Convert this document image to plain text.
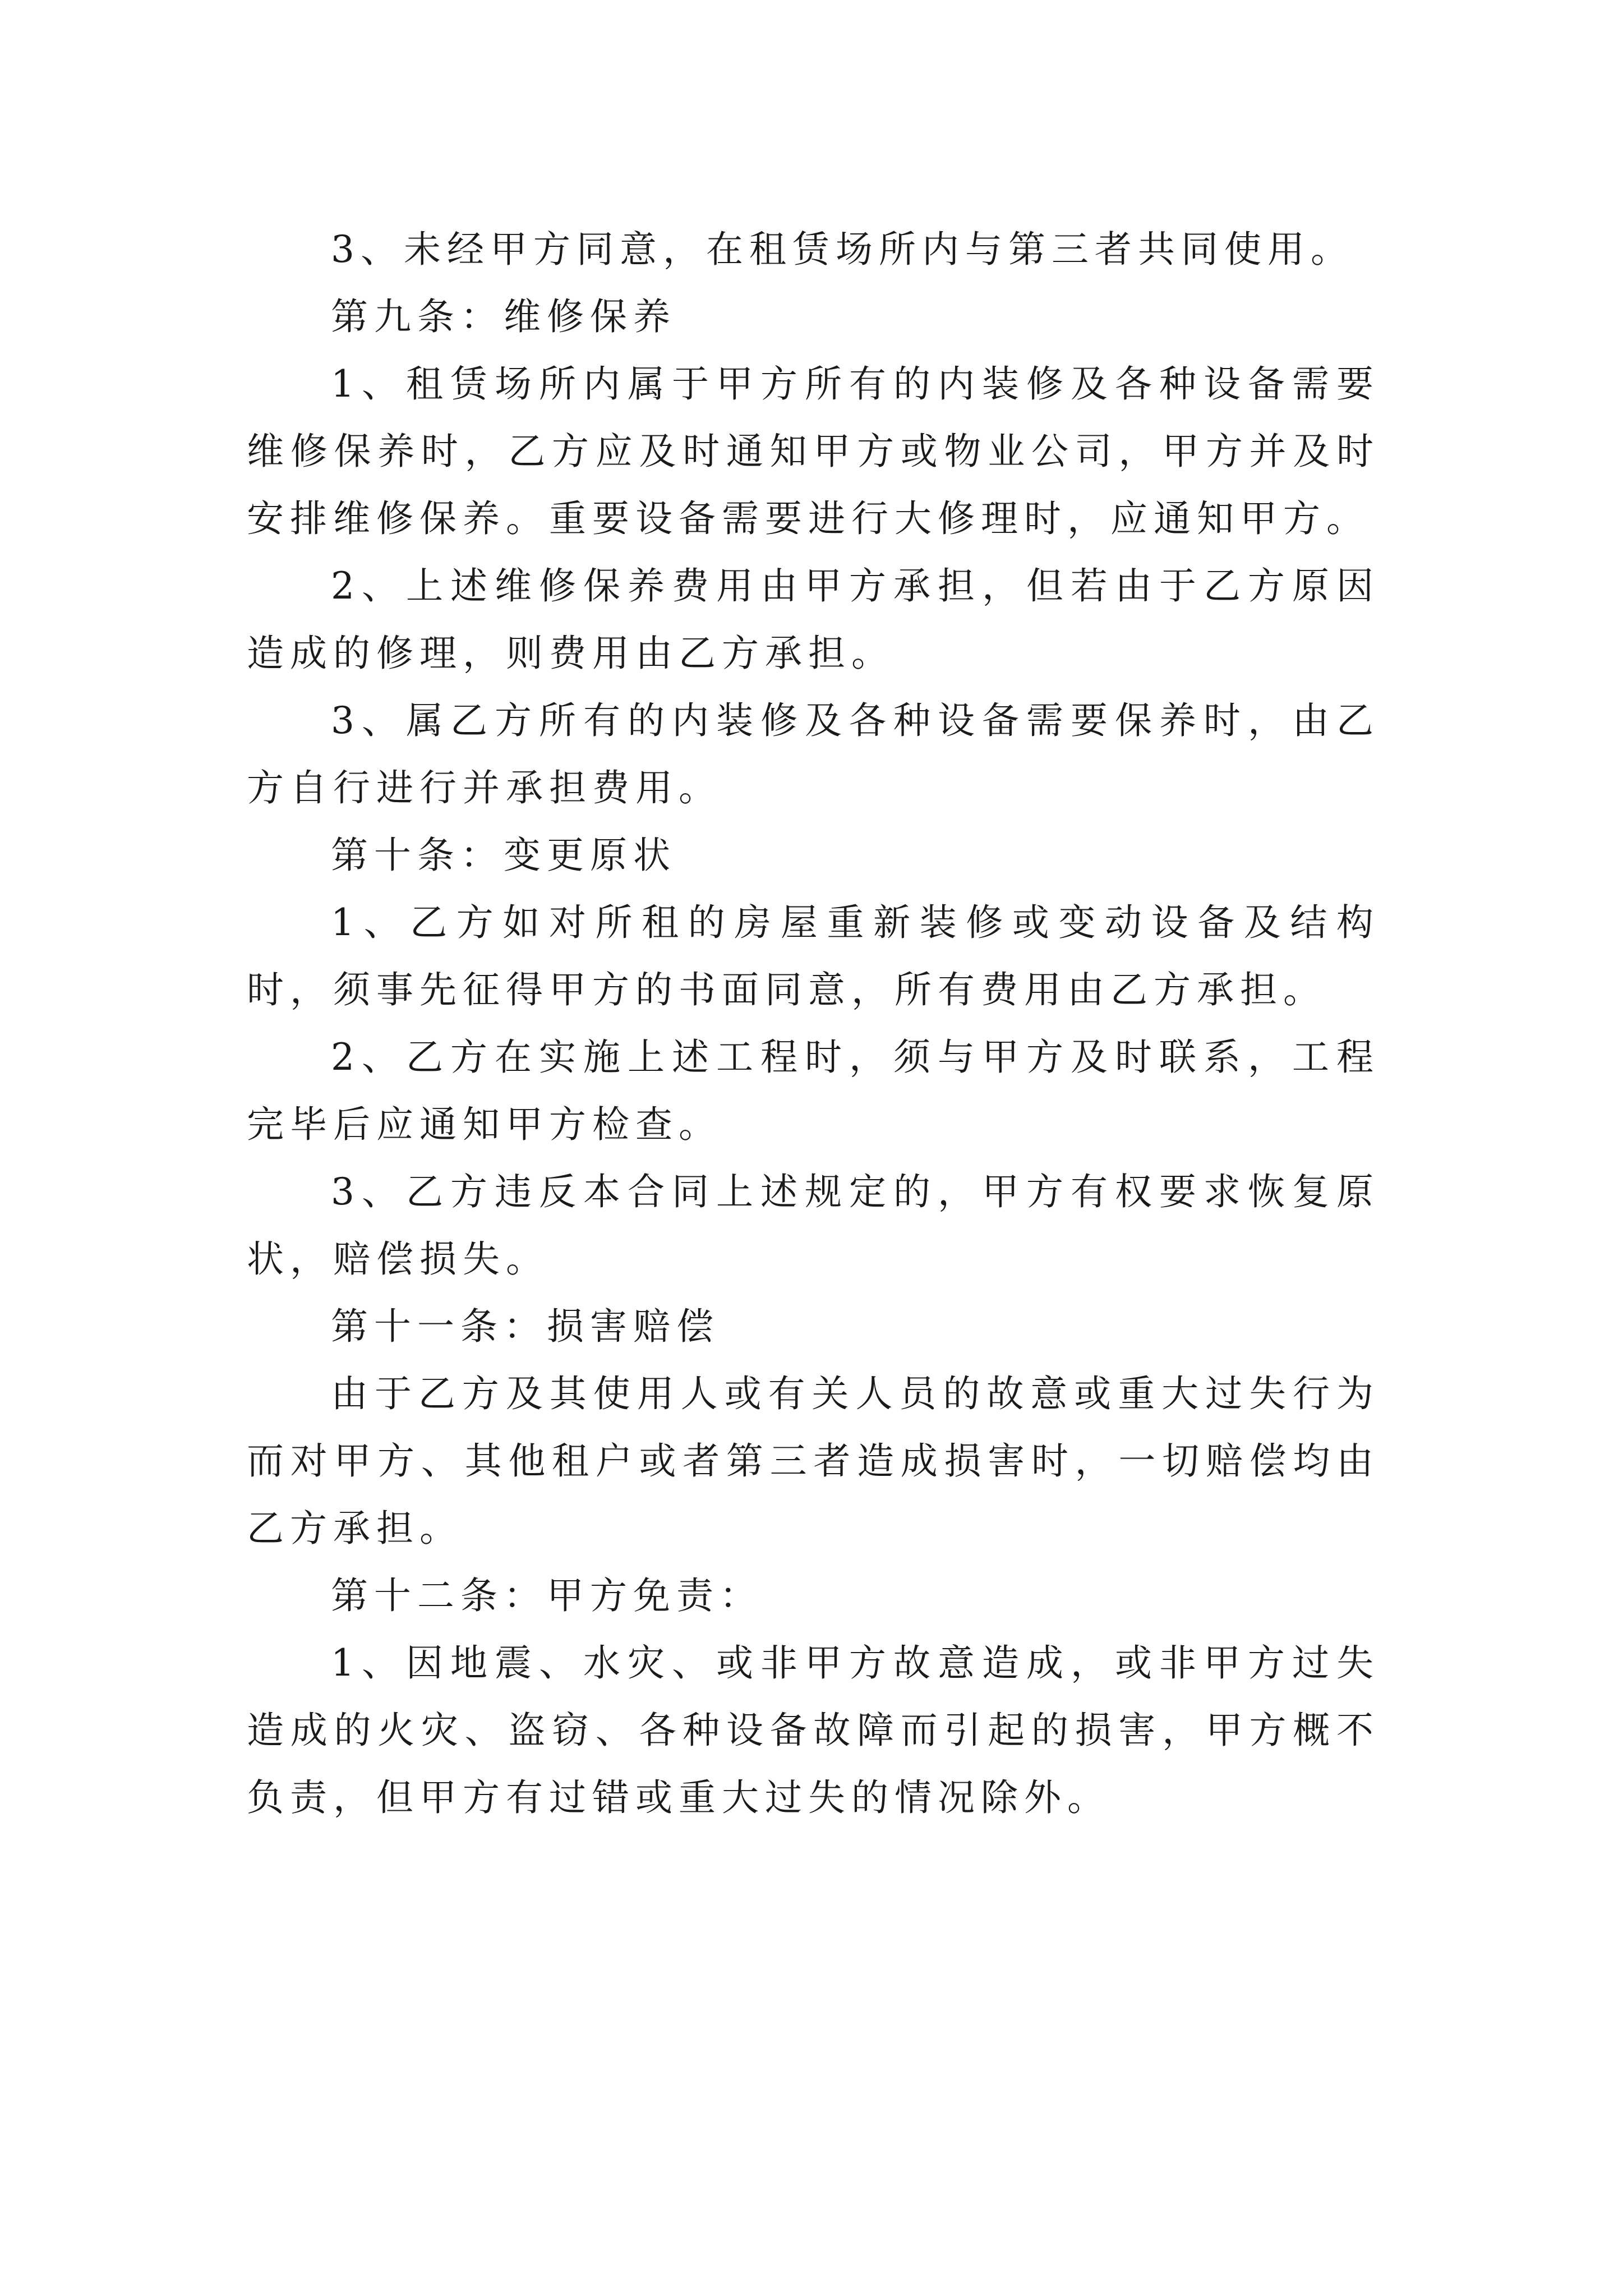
3、未经甲方同意，在租赁场所内与第三者共同使用。

第九条：维修保养

1、租赁场所内属于甲方所有的内装修及各种设备需要维修保养时，乙方应及时通知甲方或物业公司，甲方并及时安排维修保养。重要设备需要进行大修理时，应通知甲方。

2、上述维修保养费用由甲方承担，但若由于乙方原因造成的修理，则费用由乙方承担。

3、属乙方所有的内装修及各种设备需要保养时，由乙方自行进行并承担费用。

第十条：变更原状

1、乙方如对所租的房屋重新装修或变动设备及结构时，须事先征得甲方的书面同意，所有费用由乙方承担。

2、乙方在实施上述工程时，须与甲方及时联系，工程完毕后应通知甲方检查。

3、乙方违反本合同上述规定的，甲方有权要求恢复原状，赔偿损失。

第十一条：损害赔偿

由于乙方及其使用人或有关人员的故意或重大过失行为而对甲方、其他租户或者第三者造成损害时，一切赔偿均由乙方承担。

第十二条：甲方免责：

1、因地震、水灾、或非甲方故意造成，或非甲方过失造成的火灾、盗窃、各种设备故障而引起的损害，甲方概不负责，但甲方有过错或重大过失的情况除外。
